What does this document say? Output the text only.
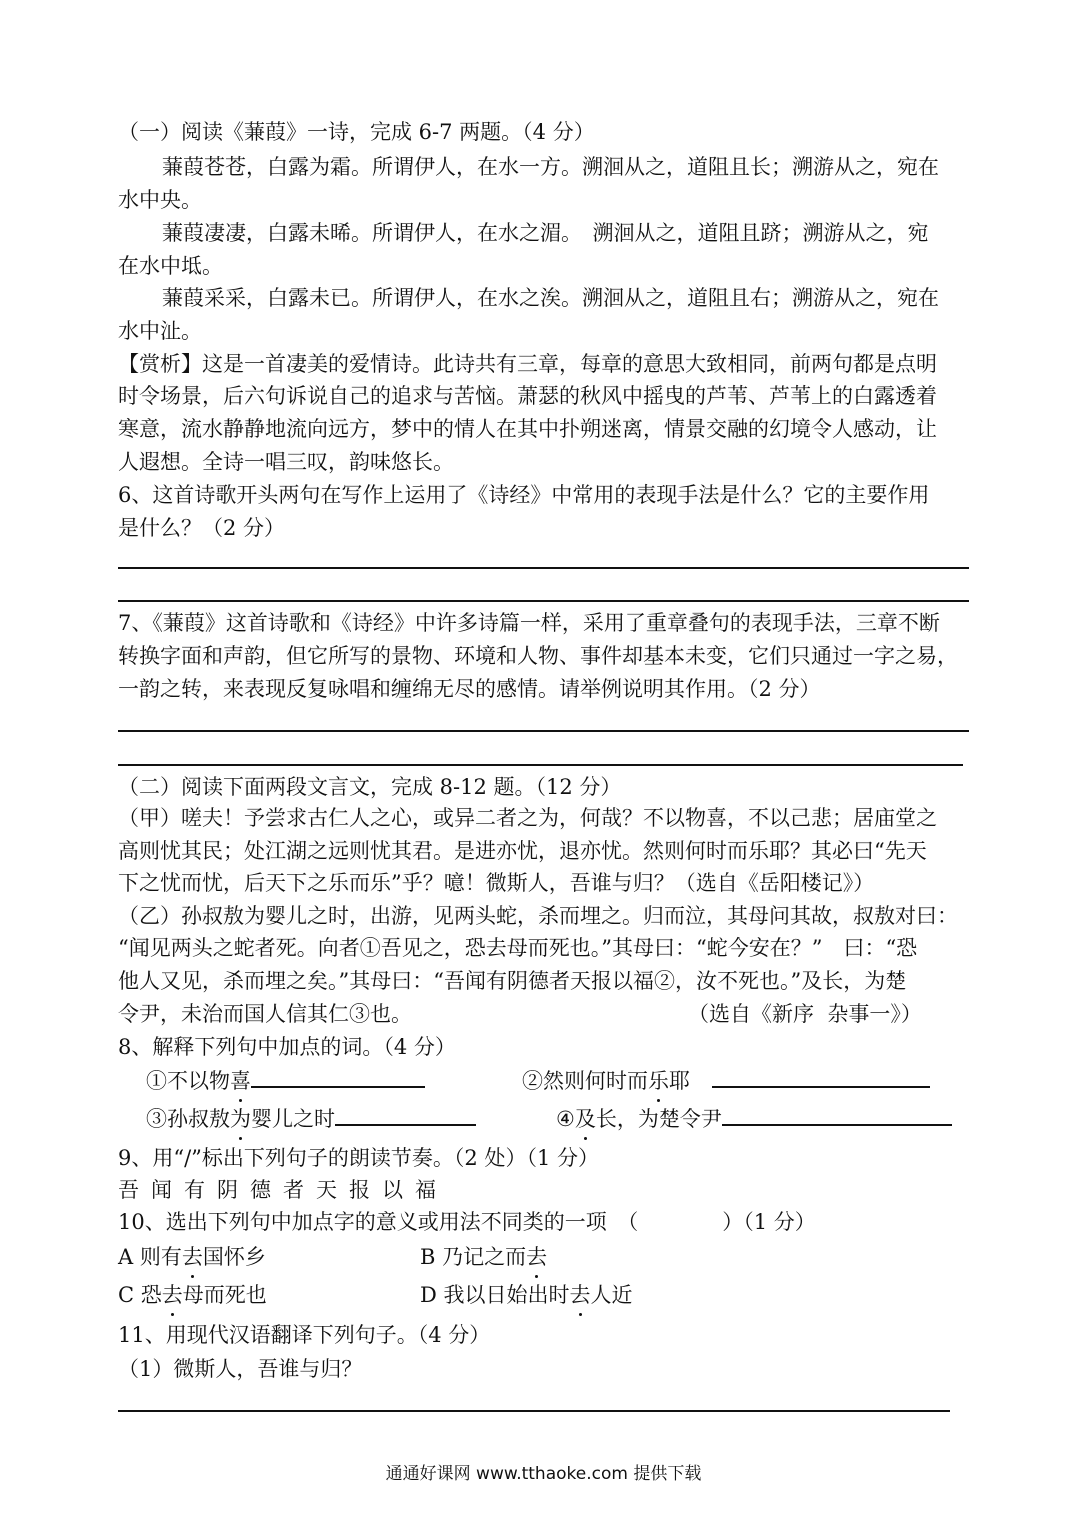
（一）阅读《蒹葭》一诗，完成 6-7 两题。（4 分）
蒹葭苍苍，白露为霜。所谓伊人，在水一方。溯洄从之，道阻且长；溯游从之，宛在
水中央。
蒹葭凄凄，白露未晞。所谓伊人，在水之湄。　溯洄从之，道阻且跻；溯游从之，宛
在水中坻。
蒹葭采采，白露未已。所谓伊人，在水之涘。溯洄从之，道阻且右；溯游从之，宛在
水中沚。
【赏析】这是一首凄美的爱情诗。此诗共有三章，每章的意思大致相同，前两句都是点明
时令场景，后六句诉说自己的追求与苦恼。萧瑟的秋风中摇曳的芦苇、芦苇上的白露透着
寒意，流水静静地流向远方，梦中的情人在其中扑朔迷离，情景交融的幻境令人感动，让
人遐想。全诗一唱三叹，韵味悠长。
6、这首诗歌开头两句在写作上运用了《诗经》中常用的表现手法是什么？它的主要作用
是什么？（2 分）
7、《蒹葭》这首诗歌和《诗经》中许多诗篇一样，采用了重章叠句的表现手法，三章不断
转换字面和声韵，但它所写的景物、环境和人物、事件却基本未变，它们只通过一字之易，
一韵之转，来表现反复咏唱和缠绵无尽的感情。请举例说明其作用。（2 分）
（二）阅读下面两段文言文，完成 8-12 题。（12 分）
（甲）嗟夫！予尝求古仁人之心，或异二者之为，何哉？不以物喜，不以己悲；居庙堂之
高则忧其民；处江湖之远则忧其君。是进亦忧，退亦忧。然则何时而乐耶？其必曰“先天
下之忧而忧，后天下之乐而乐”乎？噫！微斯人，吾谁与归？（选自《岳阳楼记》）
（乙）孙叔敖为婴儿之时，出游，见两头蛇，杀而埋之。归而泣，其母问其故，叔敖对曰：
“闻见两头之蛇者死。向者①吾见之，恐去母而死也。”其母曰：“蛇今安在？”　曰：“恐
他人又见，杀而埋之矣。”其母曰：“吾闻有阴德者天报以福②，汝不死也。”及长，为楚
令尹，未治而国人信其仁③也。	（选自《新序  杂事一》）
8、解释下列句中加点的词。（4 分）
①不以物喜	②然则何时而乐耶
③孙叔敖为婴儿之时	④及长，为楚令尹
9、用“/”标出下列句子的朗读节奏。（2 处）（1 分）
吾闻有阴德者天报以福
10、选出下列句中加点字的意义或用法不同类的一项　（　　　　）（1 分）
A 则有去国怀乡	B 乃记之而去
C 恐去母而死也	D 我以日始出时去人近
11、用现代汉语翻译下列句子。（4 分）
（1）微斯人，吾谁与归？
通通好课网 www.tthaoke.com 提供下载
